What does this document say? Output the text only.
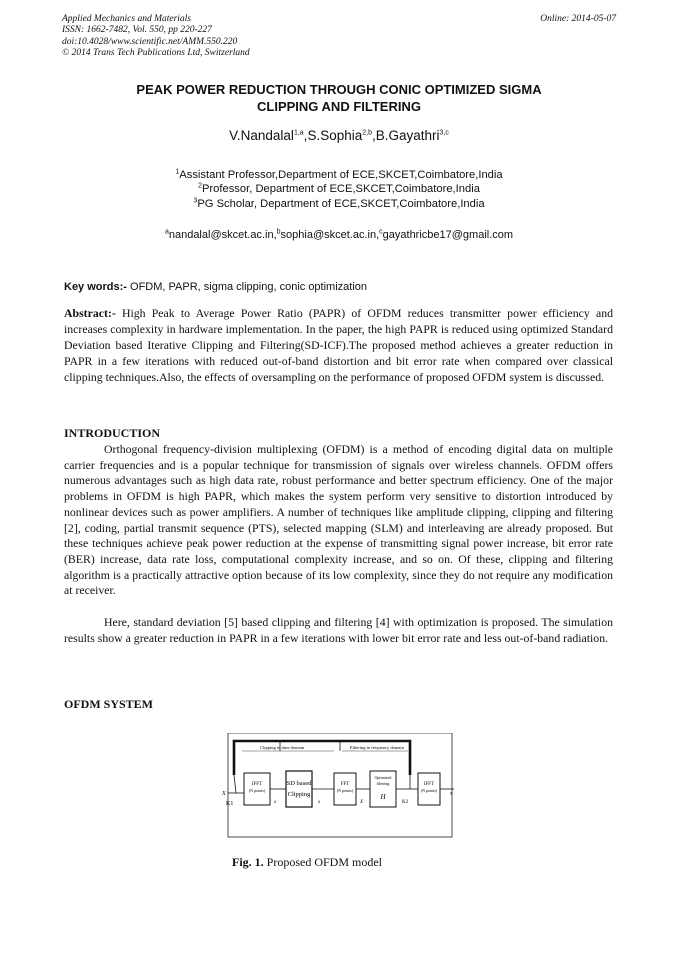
Applied Mechanics and Materials
ISSN: 1662-7482, Vol. 550, pp 220-227
doi:10.4028/www.scientific.net/AMM.550.220
© 2014 Trans Tech Publications Ltd, Switzerland
Online: 2014-05-07
PEAK POWER REDUCTION THROUGH CONIC OPTIMIZED SIGMA
CLIPPING AND FILTERING
V.Nandalal$^{1,a}$,S.Sophia$^{2,b}$,B.Gayathri$^{3,c}$
$^1$Assistant Professor,Department of ECE,SKCET,Coimbatore,India
$^2$Professor, Department of ECE,SKCET,Coimbatore,India
$^3$PG Scholar, Department of ECE,SKCET,Coimbatore,India
$^a$nandalal@skcet.ac.in,$^b$sophia@skcet.ac.in,$^c$gayathricbe17@gmail.com
Key words:- OFDM, PAPR, sigma clipping, conic optimization
Abstract:- High Peak to Average Power Ratio (PAPR) of OFDM reduces transmitter power efficiency and increases complexity in hardware implementation. In the paper, the high PAPR is reduced using optimized Standard Deviation based Iterative Clipping and Filtering(SD-ICF).The proposed method achieves a greater reduction in PAPR in a few iterations with reduced out-of-band distortion and bit error rate when compared over classical clipping techniques.Also, the effects of oversampling on the performance of proposed OFDM system is discussed.
INTRODUCTION

Orthogonal frequency-division multiplexing (OFDM) is a method of encoding digital data on multiple carrier frequencies and is a popular technique for transmission of signals over wireless channels. OFDM offers numerous advantages such as high data rate, robust performance and better spectrum efficiency. One of the major problems in OFDM is high PAPR, which makes the system perform very sensitive to distortion introduced by nonlinear devices such as power amplifiers. A number of techniques like amplitude clipping, clipping and filtering [2], coding, partial transmit sequence (PTS), selected mapping (SLM) and interleaving are already proposed. But these techniques achieve peak power reduction at the expense of transmitting signal power increase, bit error rate (BER) increase, data rate loss, computational complexity increase, and so on. Of these, clipping and filtering algorithm is a practically attractive option because of its low complexity, since they do not require any modification at receiver.

Here, standard deviation [5] based clipping and filtering [4] with optimization is proposed. The simulation results show a greater reduction in PAPR in a few iterations with lower bit error rate and less out-of-band radiation.

OFDM SYSTEM
Clipping in time domain	Filtering in frequency domain
X
K1
IFFT
(N points)
x
SD based
Clipping
x
FFT
(N points)
X
Optimized
filtering
H
K2
IFFT
(N points)
x
Fig. 1. Proposed OFDM model
